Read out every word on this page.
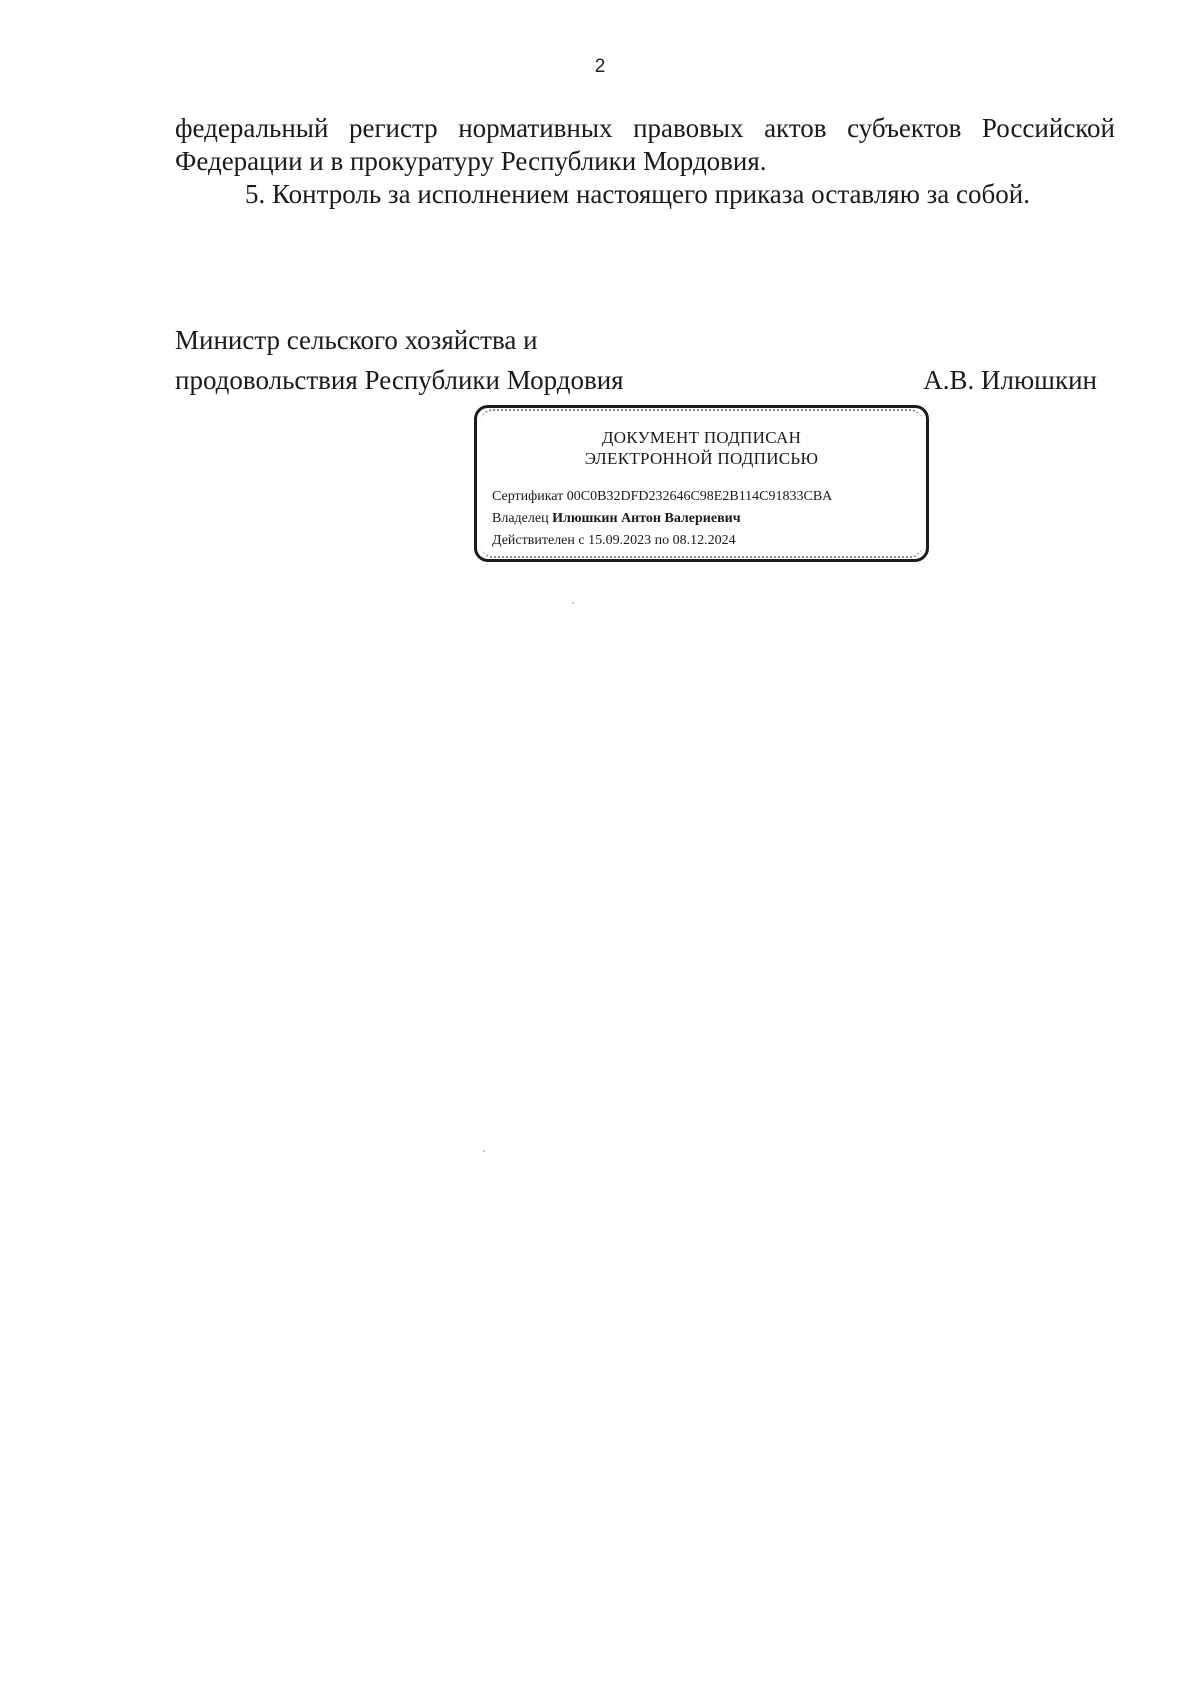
2
федеральный регистр нормативных правовых актов субъектов Российской
Федерации и в прокуратуру Республики Мордовия.
5. Контроль за исполнением настоящего приказа оставляю за собой.
Министр сельского хозяйства и
продовольствия Республики Мордовия	А.В. Илюшкин
ДОКУМЕНТ ПОДПИСАН
ЭЛЕКТРОННОЙ ПОДПИСЬЮ
Сертификат 00C0B32DFD232646C98E2B114C91833CBA
Владелец Илюшкин Антон Валериевич
Действителен с 15.09.2023 по 08.12.2024
